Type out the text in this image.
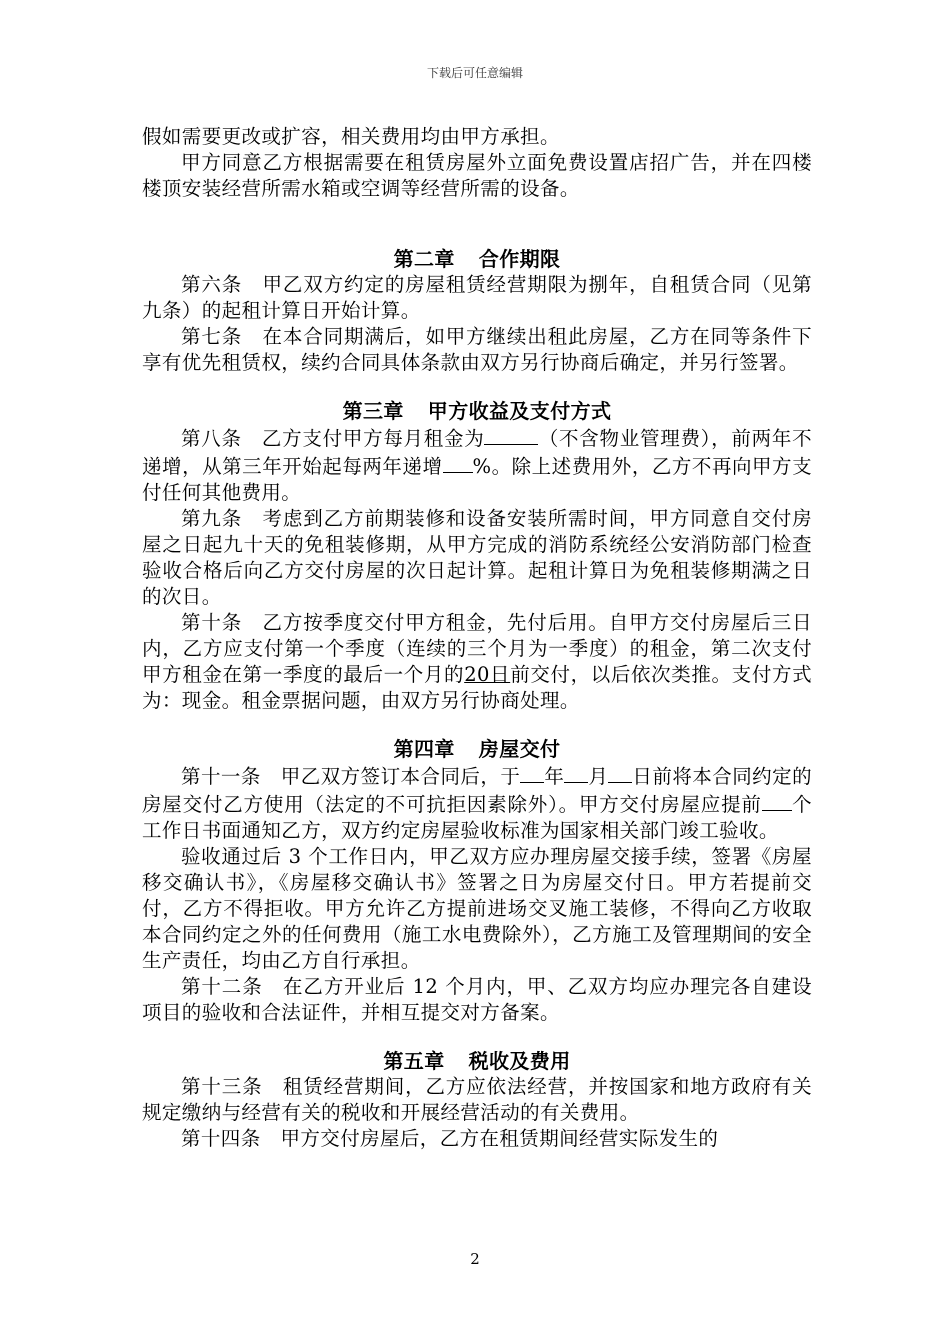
下载后可任意编辑

假如需要更改或扩容，相关费用均由甲方承担。

甲方同意乙方根据需要在租赁房屋外立面免费设置店招广告，并在四楼楼顶安装经营所需水箱或空调等经营所需的设备。

第二章 合作期限

第六条　甲乙双方约定的房屋租赁经营期限为捌年，自租赁合同（见第九条）的起租计算日开始计算。

第七条　在本合同期满后，如甲方继续出租此房屋，乙方在同等条件下享有优先租赁权，续约合同具体条款由双方另行协商后确定，并另行签署。

第三章 甲方收益及支付方式

第八条　乙方支付甲方每月租金为	（不含物业管理费），前两年不递增，从第三年开始起每两年递增 %。除上述费用外，乙方不再向甲方支付任何其他费用。

第九条　考虑到乙方前期装修和设备安装所需时间，甲方同意自交付房屋之日起九十天的免租装修期，从甲方完成的消防系统经公安消防部门检查验收合格后向乙方交付房屋的次日起计算。起租计算日为免租装修期满之日的次日。

第十条　乙方按季度交付甲方租金，先付后用。自甲方交付房屋后三日内，乙方应支付第一个季度（连续的三个月为一季度）的租金，第二次支付甲方租金在第一季度的最后一个月的20日前交付，以后依次类推。支付方式为：现金。租金票据问题，由双方另行协商处理。

第四章 房屋交付

第十一条　甲乙双方签订本合同后，于 年 月 日前将本合同约定的房屋交付乙方使用（法定的不可抗拒因素除外）。甲方交付房屋应提前 个工作日书面通知乙方，双方约定房屋验收标准为国家相关部门竣工验收。

验收通过后 3 个工作日内，甲乙双方应办理房屋交接手续，签署《房屋移交确认书》，《房屋移交确认书》签署之日为房屋交付日。甲方若提前交付，乙方不得拒收。甲方允许乙方提前进场交叉施工装修，不得向乙方收取本合同约定之外的任何费用（施工水电费除外），乙方施工及管理期间的安全生产责任，均由乙方自行承担。

第十二条　在乙方开业后 12 个月内，甲、乙双方均应办理完各自建设项目的验收和合法证件，并相互提交对方备案。

第五章 税收及费用

第十三条　租赁经营期间，乙方应依法经营，并按国家和地方政府有关规定缴纳与经营有关的税收和开展经营活动的有关费用。

第十四条　甲方交付房屋后，乙方在租赁期间经营实际发生的

2
